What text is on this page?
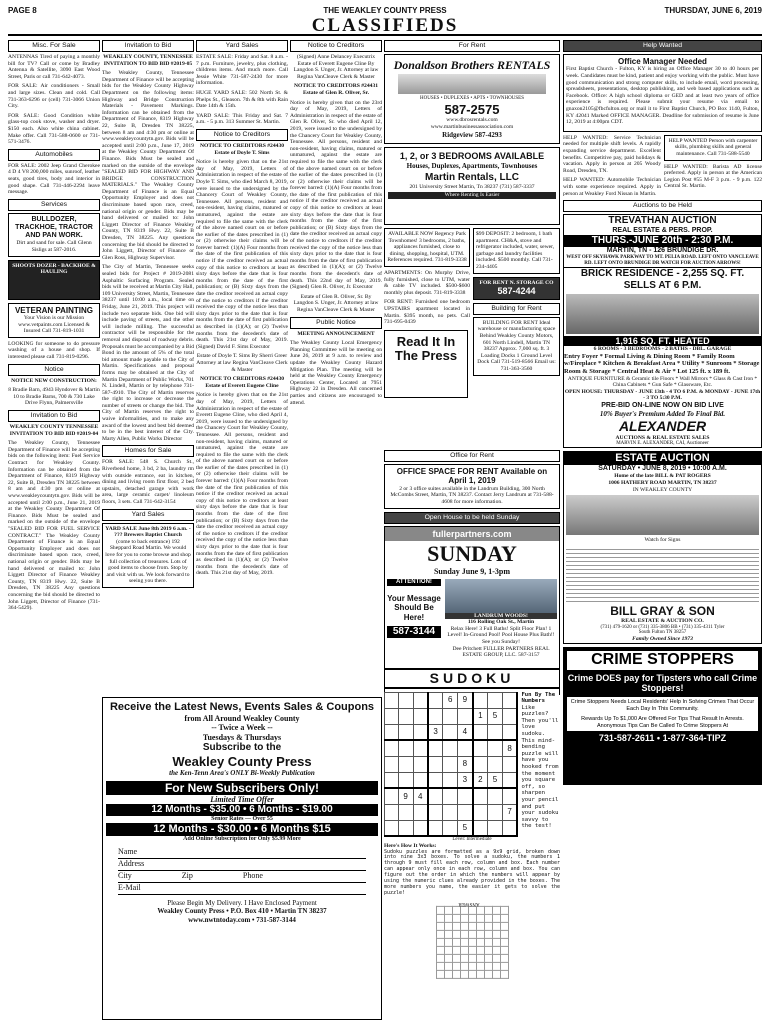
PAGE 8	THE WEAKLEY COUNTY PRESS	THURSDAY, JUNE 6, 2019
CLASSIFIEDS
Misc. For Sale
ANTENNAS Tired of paying a monthly bill for TV? Call or come by Bradley Antenna & Satellite, 3090 East Wood Street, Paris or call 731-642-4073.
FOR SALE: Air conditioners - Small and large sizes. Clean and cold. Call 731-363-6296 or (cell) 731-3066 Union City.
FOR SALE: Good Condition white glass-top cook stove, washer and dryer. $150 each. Also white china cabinet. Make offer. Call 731-588-0600 or 731-571-3476.
Automobiles
FOR SALE: 2002 Jeep Grand Cherokee 4 D 4 V8 200,000 miles, sunroof, leather seats, good tires, body and interior in good shape. Call 731-446-2294 leave message.
Services
BULLDOZER, TRACKHOE, TRACTOR AND PAN WORK.
Dirt and sand for sale. Call Glenn Sisligs at 587-2016.
SHOOTS DOZER - BACKHOE & HAULING
VETERAN PAINTING
Your Vision is our Mission www.vetpaints.com Licensed & Insured Call 731-819-1031
LOOKING for someone to do pressure washing of a house and shop. If interested please call 731-819-0296.
Notice
NOTICE NEW CONSTRUCTION:
8 Bradie Barn, 4943 Hyndover & Martin 10 to Bradie Barns, 700 & 730 Lake Drive Flynn, Palmersville
Invitation to Bid
WEAKLEY COUNTY TENNESSEE INVITATION TO BID BID #2019-04
The Weakley County, Tennessee Department of Finance will be accepting bids on the following item: Fuel Service Contract for Weakley County. Information can be obtained from the Department of Finance, 8319 Highway 22, Suite B, Dresden TN 38225 between 8 am and 4:30 pm or online at www.weakleycountytn.gov. Bids will be accepted until 2:00 p.m., June 21, 2019 at the Weakley County Department Of Finance. Bids Must be sealed and marked on the outside of the envelope "SEALED BID FOR FUEL SERVICE CONTRACT." The Weakley County Department of Finance is an Equal Opportunity Employer and does not discriminate based upon race, creed, national origin or gender. Bids may be hand delivered or mailed to: John Liggett Director of Finance Weakley County, TN 8319 Hwy. 22, Suite B Dresden, TN 38225 Any questions concerning the bid should be directed to John Liggett, Director of Finance (731-364-5429).
Invitation to Bid
WEAKLEY COUNTY, TENNESSEE INVITATION TO BID BID #2019-05
The Weakley County, Tennessee Department of Finance will be accepting bids for the Weakley County Highway Department on the following items: Highway and Bridge Construction Materials - Pavement Markings. Information can be obtained from the Department of Finance, 8319 Highway 22, Suite B, Dresden TN 38225, between 8 am and 4:30 pm or online at www.weakleycountytn.gov. Bids will be accepted until 2:00 p.m., June 17, 2019 at the Weakley County Department Of Finance. Bids Must be sealed and marked on the outside of the envelope "SEALED BID FOR HIGHWAY AND BRIDGE CONSTRUCTION MATERIALS." The Weakley County Department of Finance is an Equal Opportunity Employer and does not discriminate based upon race, creed, national origin or gender. Bids may be hand delivered or mailed to: John Liggett Director of Finance Weakley County, TN 8319 Hwy. 22, Suite B Dresden, TN 38225. Any questions concerning the bid should be directed to John Liggett, Director of Finance or Glen Ross, Highway Supervisor.
The City of Martin, Tennessee seeks sealed bids for Project # 2019-2081 Asphaltic Surfacing Program. Sealed bids will be received at Martin City Hall, 109 University Street, Martin, Tennessee 38237 until 10:00 a.m., local time on Friday, June 21, 2019. This project will include two separate bids. One bid will include paving of streets, and the other will include milling. The successful contractor will be responsible for the removal and disposal of roadway debris. Proposals must be accompanied by a Bid Bond in the amount of 5% of the total bid amount made payable to the City of Martin. Specifications and proposal forms may be obtained at the City of Martin Department of Public Works, 701 N. Lindell, Martin or by telephone 731-587-4910. The City of Martin reserves the right to increase or decrease the number of streets or change the bid. The City of Martin reserves the right to waive informalities, and to make any award of the lowest and best bid deemed to be in the best interest of the City. Marty Allen, Public Works Director
Homes for Sale
FOR SALE: 548 S. Church St., Riverbend home, 3 bd, 2 ba, laundry rm with outside entrance, eat in kitchen, dining and living room first floor, 2 bed upstairs, detached garage with work area, large ceramic carpet/ linoleum floors, 3 sets. Call 731-642-3154
Yard Sales
YARD SALE June 8th 2019 6 a.m. - ??? Brewers Baptist Church
(come to back entrance) 192 Sheppard Road Martin. We would love for you to come browse and shop full collection of treasures. Lots of good items to choose from. Stop by and visit with us. We look forward to seeing you there.
Yard Sales
ESTATE SALE: Friday and Sat. 8 a.m. - 7 p.m. Furniture, jewelry, plus clothing, childrens items. And much more. Call Jessie White 731-587-2430 for more information.
HUGE YARD SALE: 502 North St. & Phelps St., Gleason. 7th & 8th with Rain Date 14th & 15th.
YARD SALE: This Friday and Sat. 7 a.m. - 5 p.m. 313 Summer St. Martin.
Notice to Creditors
NOTICE TO CREDITORS #24430 Estate of Doyle T. Sims
Notice is hereby given that on the 21st day of May, 2019, Letters of Administration in respect of the estate of Doyle T. Sims, who died March 8, 2019, were issued to the undersigned by the Chancery Court of Weakley County, Tennessee. All persons, resident and non-resident, having claims, matured or unmatured, against the estate are required to file the same with the clerk of the above named court on or before the earlier of the dates prescribed in (1) or (2) otherwise their claims will be forever barred: (1)(A) Four months from the date of the first publication of this notice if the creditor received an actual copy of this notice to creditors at least sixty days before the date that is four months from the date of the first publication; or (B) Sixty days from the date the creditor received an actual copy of the notice to creditors if the creditor received the copy of the notice less than sixty days prior to the date that is four months from the date of first publication as described in (1)(A); or (2) Twelve months from the decedent's date of death. This 21st day of May, 2019. (Signed) David F. Sims Executor
Estate of Doyle T. Sims By Sherri Greer Attorney at law Regina VanCleave Clerk & Master
NOTICE TO CREDITORS #24430 Estate of Everett Eugene Cline
Notice is hereby given that on the 21st day of May, 2019, Letters of Administration in respect of the estate of Everett Eugene Cline, who died April 4, 2019, were issued to the undersigned by the Chancery Court for Weakley County, Tennessee. All persons, resident and non-resident, having claims, matured or unmatured, against the estate are required to file the same with the clerk of the above named court on or before the earlier of the dates prescribed in (1) or (2) otherwise their claims will be forever barred: (1)(A) Four months from the date of the first publication of this notice if the creditor received an actual copy of this notice to creditors at least sixty days before the date that is four months from the date of the first publication; or (B) Sixty days from the date the creditor received an actual copy of the notice to creditors if the creditor received the copy of the notice less than sixty days prior to the date that is four months from the date of first publication as described in (1)(A); or (2) Twelve months from the decedent's date of death. This 21st day of May, 2019.
Notice to Creditors
(Signed) Anne Delancey Executrix Estate of Everett Eugene Cline By Langdon S. Unger, Jr. Attorney at law Regina VanCleave Clerk & Master
NOTICE TO CREDITORS #24431 Estate of Glen R. Oliver, Sr.
Notice is hereby given that on the 23rd day of May, 2019, Letters of Administration in respect of the estate of Glen R. Oliver, Sr. who died April 12, 2019, were issued to the undersigned by the Chancery Court for Weakley County, Tennessee. All persons, resident and non-resident, having claims, matured or unmatured, against the estate are required to file the same with the clerk of the above named court on or before the earlier of the dates prescribed in (1) or (2) otherwise their claims will be forever barred: (1)(A) Four months from the date of the first publication of this notice if the creditor received an actual copy of this notice to creditors at least sixty days before the date that is four months from the date of the first publication; or (B) Sixty days from the date the creditor received an actual copy of the notice to creditors if the creditor received the copy of the notice less than sixty days prior to the date that is four months from the date of first publication as described in (1)(A); or (2) Twelve months from the decedent's date of death. This 22nd day of May, 2019. (Signed) Glen R. Oliver, Jr. Executor
Estate of Glen R. Oliver, Sr. By Langdon S. Unger, Jr. Attorney at law Regina VanCleave Clerk & Master
Public Notice
MEETING ANNOUNCEMENT
The Weakley County Local Emergency Planning Committee will be meeting on June 26, 2019 at 9 a.m. to review and update the Weakley County Hazard Mitigation Plan. The meeting will be held at the Weakley County Emergency Operations Center, Located at 7951 Highway 22 in Dresden. All concerned parties and citizens are encouraged to attend.
For Rent
Donaldson Brothers RENTALS
HOUSES • DUPLEXES • APTS • TOWNHOUSES
587-2575
www.dbrosrentals.com
www.martinbusinessassociation.com
Ridgeview 587-4293
1, 2, or 3 BEDROOMS AVAILABLE
Houses, Duplexes, Apartments, Townhouses
Martin Rentals, LLC
201 University Street Martin, Tn 38237 (731) 587-3337
Where Renting Is Easier
AVAILABLE NOW Regency Park Townhomes! 3 bedrooms, 2 baths, appliances furnished, close to dining, shopping, hospital, UTM. References required. 731-819-3338
APARTMENTS: On Murphy Drive, fully furnished, close to UTM, water & cable TV included. $500-$600 monthly plus deposit. 731-819-3338
FOR RENT: Furnished one bedroom UPSTAIRS apartment located in Martin. $395 month, no pets. Call 731-695-0439
$99 DEPOSIT: 2 bedroom, 1 bath apartment. CH&A, stove and refrigerator included, water, sewer, garbage and laundry facilities included. $500 monthly. Call 731-234-4405
FOR RENT N. STORAGE CO
587-4244
Building for Rent
BUILDING FOR RENT Ideal warehouse or manufacturing space Behind Weakley County Motors, 601 North Lindell, Martin TN 38237 Approx. 7,000 sq. ft. 3 Loading Docks 1 Ground Level Dock Call 731-519-8566 Email us: 731-363-3560
Read It In The Press
Office for Rent
OFFICE SPACE FOR RENT Available on April 1, 2019
2 or 3 office suites available in the Landrum Building, 300 North McCombs Street, Martin, TN 38237. Contact Jerry Landrum at 731-588-4608 for more information.
Open House to be held Sunday
fullerpartners.com
SUNDAY
Sunday June 9, 1-3pm
ATTENTION!
Your Message Should Be Here!
587-3144
LANDRUM WOODS!
116 Rolling Oak St., Martin
Relax Here! 3 Full Baths! Split Floor Plan! 1 Level! In-Ground Pool! Pool House Plus Bath!! See you Sunday!
Dee Pritchett FULLER PARTNERS REAL ESTATE GROUP, LLC. 587-3157
Help Wanted
Office Manager Needed
First Baptist Church - Fulton, KY is hiring an Office Manager 30 to 40 hours per week. Candidates must be kind, patient and enjoy working with the public. Must have good communication and strong computer skills, to include email, word processing, spreadsheets, presentations, desktop publishing, and web based applications such as Facebook. Office: A high school diploma or GED and at least two years of office experience is required. Please submit your resume via email to gnaxon2105@fbcfulton.org or mail it to First Baptist Church, PO Box 1140, Fulton, KY 42041 Marked OFFICE MANAGER. Deadline for submission of resume is June 12, 2019 at 4:00pm CDT.
HELP WANTED: Service Technician needed for multiple shift levels. A rapidly expanding service department. Excellent benefits. Competitive pay, paid holidays & vacation. Apply in person at 205 Woody Road, Dresden, TN.
HELP WANTED: Automobile Technician with some experience required. Apply in person at Weakley Ford Nissan in Martin.
HELP WANTED Person with carpenter skills, plumbing skills and general maintenance. Call 731-588-5540
HELP WANTED: Barista AD license preferred. Apply in person at the American Legion Post #55 M-F 3 p.m. - 9 p.m. 122 Central St. Martin.
Auctions to be Held
TREVATHAN AUCTION
REAL ESTATE & PERS. PROP.
THURS.-JUNE 20th - 2:30 P.M.
MARTIN, TN - 126 BRUNDIGE DR.
WEST OFF SKYHAWK PARKWAY TO MT. PELIA ROAD. LEFT ONTO VANCLEAVE RD. LEFT ONTO BRUNDIGE DR WATCH FOR AUCTION ARROWS!
BRICK RESIDENCE - 2,255 SQ. FT. SELLS AT 6 P.M.
1,916 SQ. FT. HEATED
6 ROOMS - 3 BEDROOMS - 2 BATHS - DBL. GARAGE
Entry Foyer * Formal Living & Dining Room * Family Room w/Fireplace * Kitchen & Breakfast Area * Utility * Sunroom * Storage Room & Storage * Central Heat & Air * Lot 125 ft. x 189 ft.
ANTIQUE FURNITURE & Ceramic tile Floors * Wall Mirrors * Glass & Cast Iron * China Cabinets * Gun Safe * Glassware, Etc.
OPEN HOUSE: THURSDAY - JUNE 13th - 4 TO 6 P.M. & MONDAY - JUNE 17th - 3 TO 5:30 P.M.
PRE-BID ON-LINE NOW ON BID LIVE
10% Buyer's Premium Added To Final Bid.
ALEXANDER
AUCTIONS & REAL ESTATE SALES
MARVIN E. ALEXANDER, CAI, Auctioneer
ESTATE AUCTION
SATURDAY • JUNE 8, 2019 • 10:00 A.M.
Home of the late BILL & PAT ROGERS
1006 HATHERY ROAD MARTIN, TN 38237
IN WEAKLEY COUNTY
Watch for Signs
BILL GRAY & SON
REAL ESTATE & AUCTION CO.
(731) 479-1620 or (731) 335-3806 BB • (731) 335-4311 Tyler
South Fulton TN 38257
Family Owned Since 1973
CRIME STOPPERS
Crime DOES pay for Tipsters who call Crime Stoppers!
Crime Stoppers Needs Local Residents' Help In Solving Crimes That Occur Each Day In This Community.
Rewards Up To $1,000 Are Offered For Tips That Result In Arrests. Anonymous Tips Can Be Called To Crime Stoppers At
731-587-2611 • 1-877-364-TIPZ
Receive the Latest News, Events Sales & Coupons
from All Around Weakley County
-- Twice a Week --
Tuesdays & Thursdays
Subscribe to the
Weakley County Press
the Ken-Tenn Area's ONLY Bi-Weekly Publication
For New Subscribers Only!
Limited Time Offer
12 Months - $35.00 • 6 Months - $19.00
Senior Rates — Over 55
12 Months - $30.00 • 6 Months $15
Add Online Subscription for Only $5.99 More
Name
Address
City	Zip	Phone
E-Mail
Please Begin My Delivery. I Have Enclosed Payment
Weakley County Press • P.O. Box 410 • Martin TN 38237
www.nwtntoday.com • 731-587-3144
SUDOKU
				6	9			
						1	5	
			3		4			
								8
					8			
					3	2	5	
	9	4						
								7
					5			
Fun By The Numbers
Like puzzles? Then you'll love sudoku. This mind-bending puzzle will have you hooked from the moment you square off, so sharpen your pencil and put your sudoku savvy to the test!
Level: Intermediate
Here's How It Works:
Sudoku puzzles are formatted as a 9x9 grid, broken down into nine 3x3 boxes. To solve a sudoku, the numbers 1 through 9 must fill each row, column and box. Each number can appear only once in each row, column and box. You can figure out the order in which the numbers will appear by using the numeric clues already provided in the boxes. The more numbers you name, the easier it gets to solve the puzzle!

ANSWER
